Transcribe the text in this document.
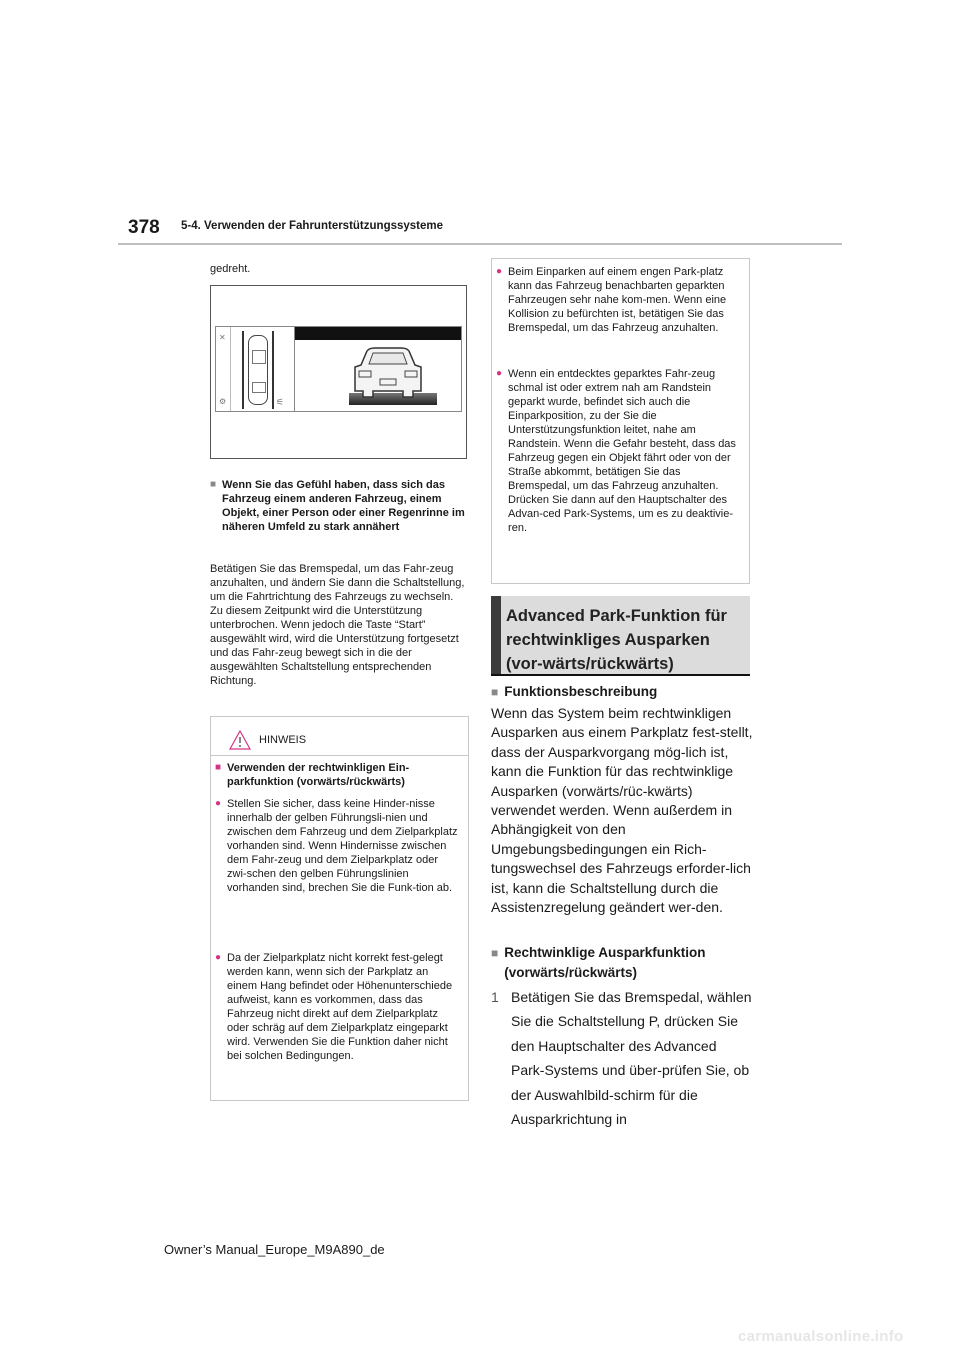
378 5-4. Verwenden der Fahrunterstützungssysteme
gedreht.
✕
⚙	⚟
■ Wenn Sie das Gefühl haben, dass sich das Fahrzeug einem anderen Fahrzeug, einem Objekt, einer Person oder einer Regenrinne im näheren Umfeld zu stark annähert
Betätigen Sie das Bremspedal, um das Fahr-zeug anzuhalten, und ändern Sie dann die Schaltstellung, um die Fahrtrichtung des Fahrzeugs zu wechseln. Zu diesem Zeitpunkt wird die Unterstützung unterbrochen. Wenn jedoch die Taste “Start” ausgewählt wird, wird die Unterstützung fortgesetzt und das Fahr-zeug bewegt sich in die der ausgewählten Schaltstellung entsprechenden Richtung.
HINWEIS
■ Verwenden der rechtwinkligen Ein-parkfunktion (vorwärts/rückwärts)
● Stellen Sie sicher, dass keine Hinder-nisse innerhalb der gelben Führungsli-nien und zwischen dem Fahrzeug und dem Zielparkplatz vorhanden sind. Wenn Hindernisse zwischen dem Fahr-zeug und dem Zielparkplatz oder zwi-schen den gelben Führungslinien vorhanden sind, brechen Sie die Funk-tion ab.
● Da der Zielparkplatz nicht korrekt fest-gelegt werden kann, wenn sich der Parkplatz an einem Hang befindet oder Höhenunterschiede aufweist, kann es vorkommen, dass das Fahrzeug nicht direkt auf dem Zielparkplatz oder schräg auf dem Zielparkplatz eingeparkt wird. Verwenden Sie die Funktion daher nicht bei solchen Bedingungen.
● Beim Einparken auf einem engen Park-platz kann das Fahrzeug benachbarten geparkten Fahrzeugen sehr nahe kom-men. Wenn eine Kollision zu befürchten ist, betätigen Sie das Bremspedal, um das Fahrzeug anzuhalten.
● Wenn ein entdecktes geparktes Fahr-zeug schmal ist oder extrem nah am Randstein geparkt wurde, befindet sich auch die Einparkposition, zu der Sie die Unterstützungsfunktion leitet, nahe am Randstein. Wenn die Gefahr besteht, dass das Fahrzeug gegen ein Objekt fährt oder von der Straße abkommt, betätigen Sie das Bremspedal, um das Fahrzeug anzuhalten. Drücken Sie dann auf den Hauptschalter des Advan-ced Park-Systems, um es zu deaktivie-ren.
Advanced Park-Funktion für rechtwinkliges Ausparken (vor-wärts/rückwärts)
■ Funktionsbeschreibung
Wenn das System beim rechtwinkligen Ausparken aus einem Parkplatz fest-stellt, dass der Ausparkvorgang mög-lich ist, kann die Funktion für das rechtwinklige Ausparken (vorwärts/rüc-kwärts) verwendet werden. Wenn außerdem in Abhängigkeit von den Umgebungsbedingungen ein Rich-tungswechsel des Fahrzeugs erforder-lich ist, kann die Schaltstellung durch die Assistenzregelung geändert wer-den.
■ Rechtwinklige Ausparkfunktion (vorwärts/rückwärts)
1 Betätigen Sie das Bremspedal, wählen Sie die Schaltstellung P, drücken Sie den Hauptschalter des Advanced Park-Systems und über-prüfen Sie, ob der Auswahlbild-schirm für die Ausparkrichtung in
Owner’s Manual_Europe_M9A890_de
carmanualsonline.info
